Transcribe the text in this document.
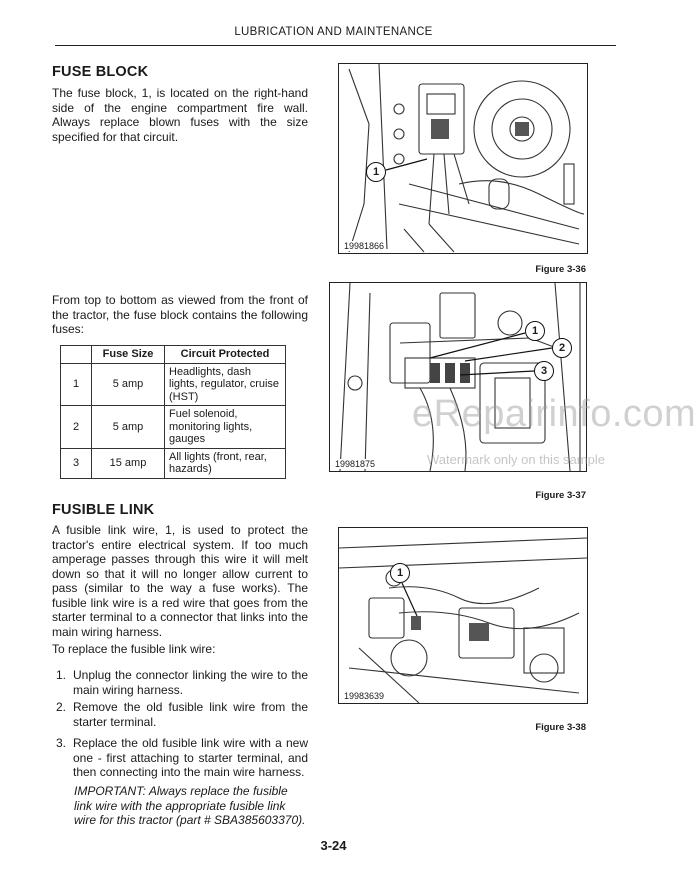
LUBRICATION AND MAINTENANCE
FUSE BLOCK

The fuse block, 1, is located on the right-hand side of the engine compartment fire wall. Always replace blown fuses with the size specified for that circuit.

From top to bottom as viewed from the front of the tractor, the fuse block contains the following fuses:

	Fuse Size	Circuit Protected
1	5 amp	Headlights, dash lights, regulator, cruise (HST)
2	5 amp	Fuel solenoid, monitoring lights, gauges
3	15 amp	All lights (front, rear, hazards)
FUSIBLE LINK

A fusible link wire, 1, is used to protect the tractor's entire electrical system. If too much amperage passes through this wire it will melt down so that it will no longer allow current to pass (similar to the way a fuse works). The fusible link wire is a red wire that goes from the starter terminal to a connector that links into the main wiring harness.

To replace the fusible link wire:

1. Unplug the connector linking the wire to the main wiring harness.
2. Remove the old fusible link wire from the starter terminal.
3. Replace the old fusible link wire with a new one - first attaching to starter terminal, and then connecting into the main wire harness.
IMPORTANT: Always replace the fusible link wire with the appropriate fusible link wire for this tractor (part # SBA385603370).
1
19981866
Figure 3-36
1
2
3
19981875
Figure 3-37
1
19983639
Figure 3-38
eRepairinfo.com
Watermark only on this sample
3-24
